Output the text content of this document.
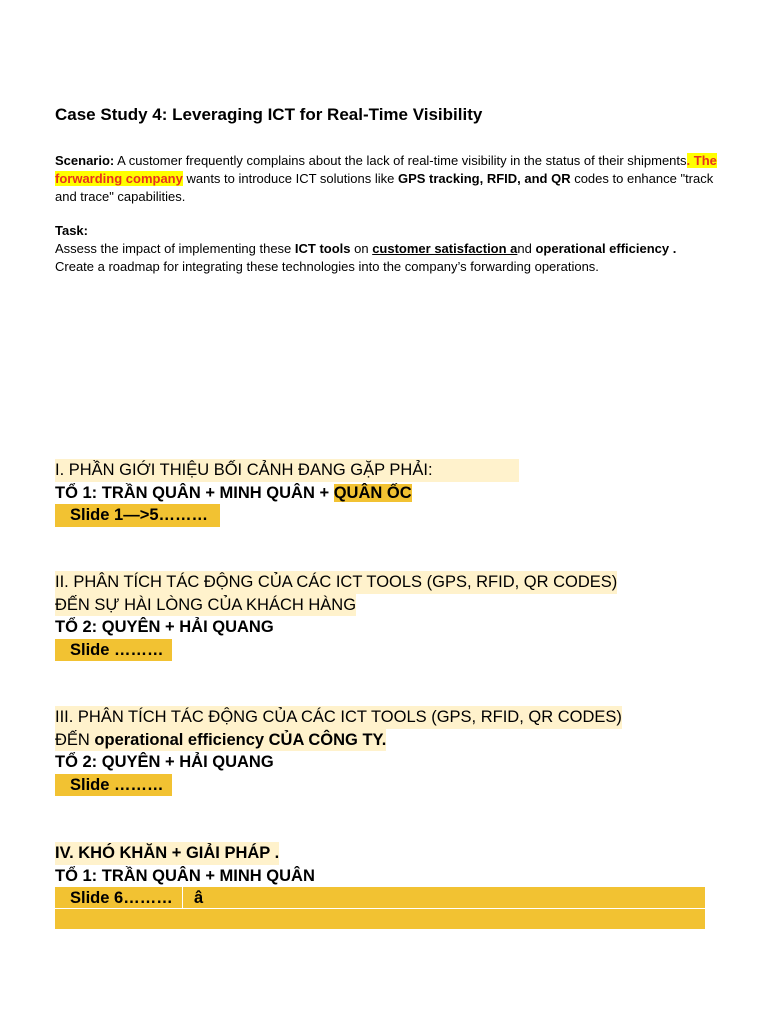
Case Study 4: Leveraging ICT for Real-Time Visibility
Scenario: A customer frequently complains about the lack of real-time visibility in the status of their shipments. The forwarding company wants to introduce ICT solutions like GPS tracking, RFID, and QR codes to enhance "track and trace" capabilities.
Task:
Assess the impact of implementing these ICT tools on customer satisfaction and operational efficiency .
Create a roadmap for integrating these technologies into the company’s forwarding operations.
I. PHẦN GIỚI THIỆU BỐI CẢNH ĐANG GẶP PHẢI:
TỔ 1: TRẦN QUÂN + MINH QUÂN + QUÂN ỐC
Slide 1—>5………
II. PHÂN TÍCH TÁC ĐỘNG CỦA CÁC ICT TOOLS (GPS, RFID, QR CODES)
ĐẾN SỰ HÀI LÒNG CỦA KHÁCH HÀNG
TỔ 2: QUYÊN + HẢI QUANG
Slide ………
III. PHÂN TÍCH TÁC ĐỘNG CỦA CÁC ICT TOOLS (GPS, RFID, QR CODES)
ĐẾN operational efficiency CỦA CÔNG TY.
TỔ 2: QUYÊN + HẢI QUANG
Slide ………
IV. KHÓ KHĂN + GIẢI PHÁP .
TỔ 1: TRẦN QUÂN + MINH QUÂN
Slide 6……… â
